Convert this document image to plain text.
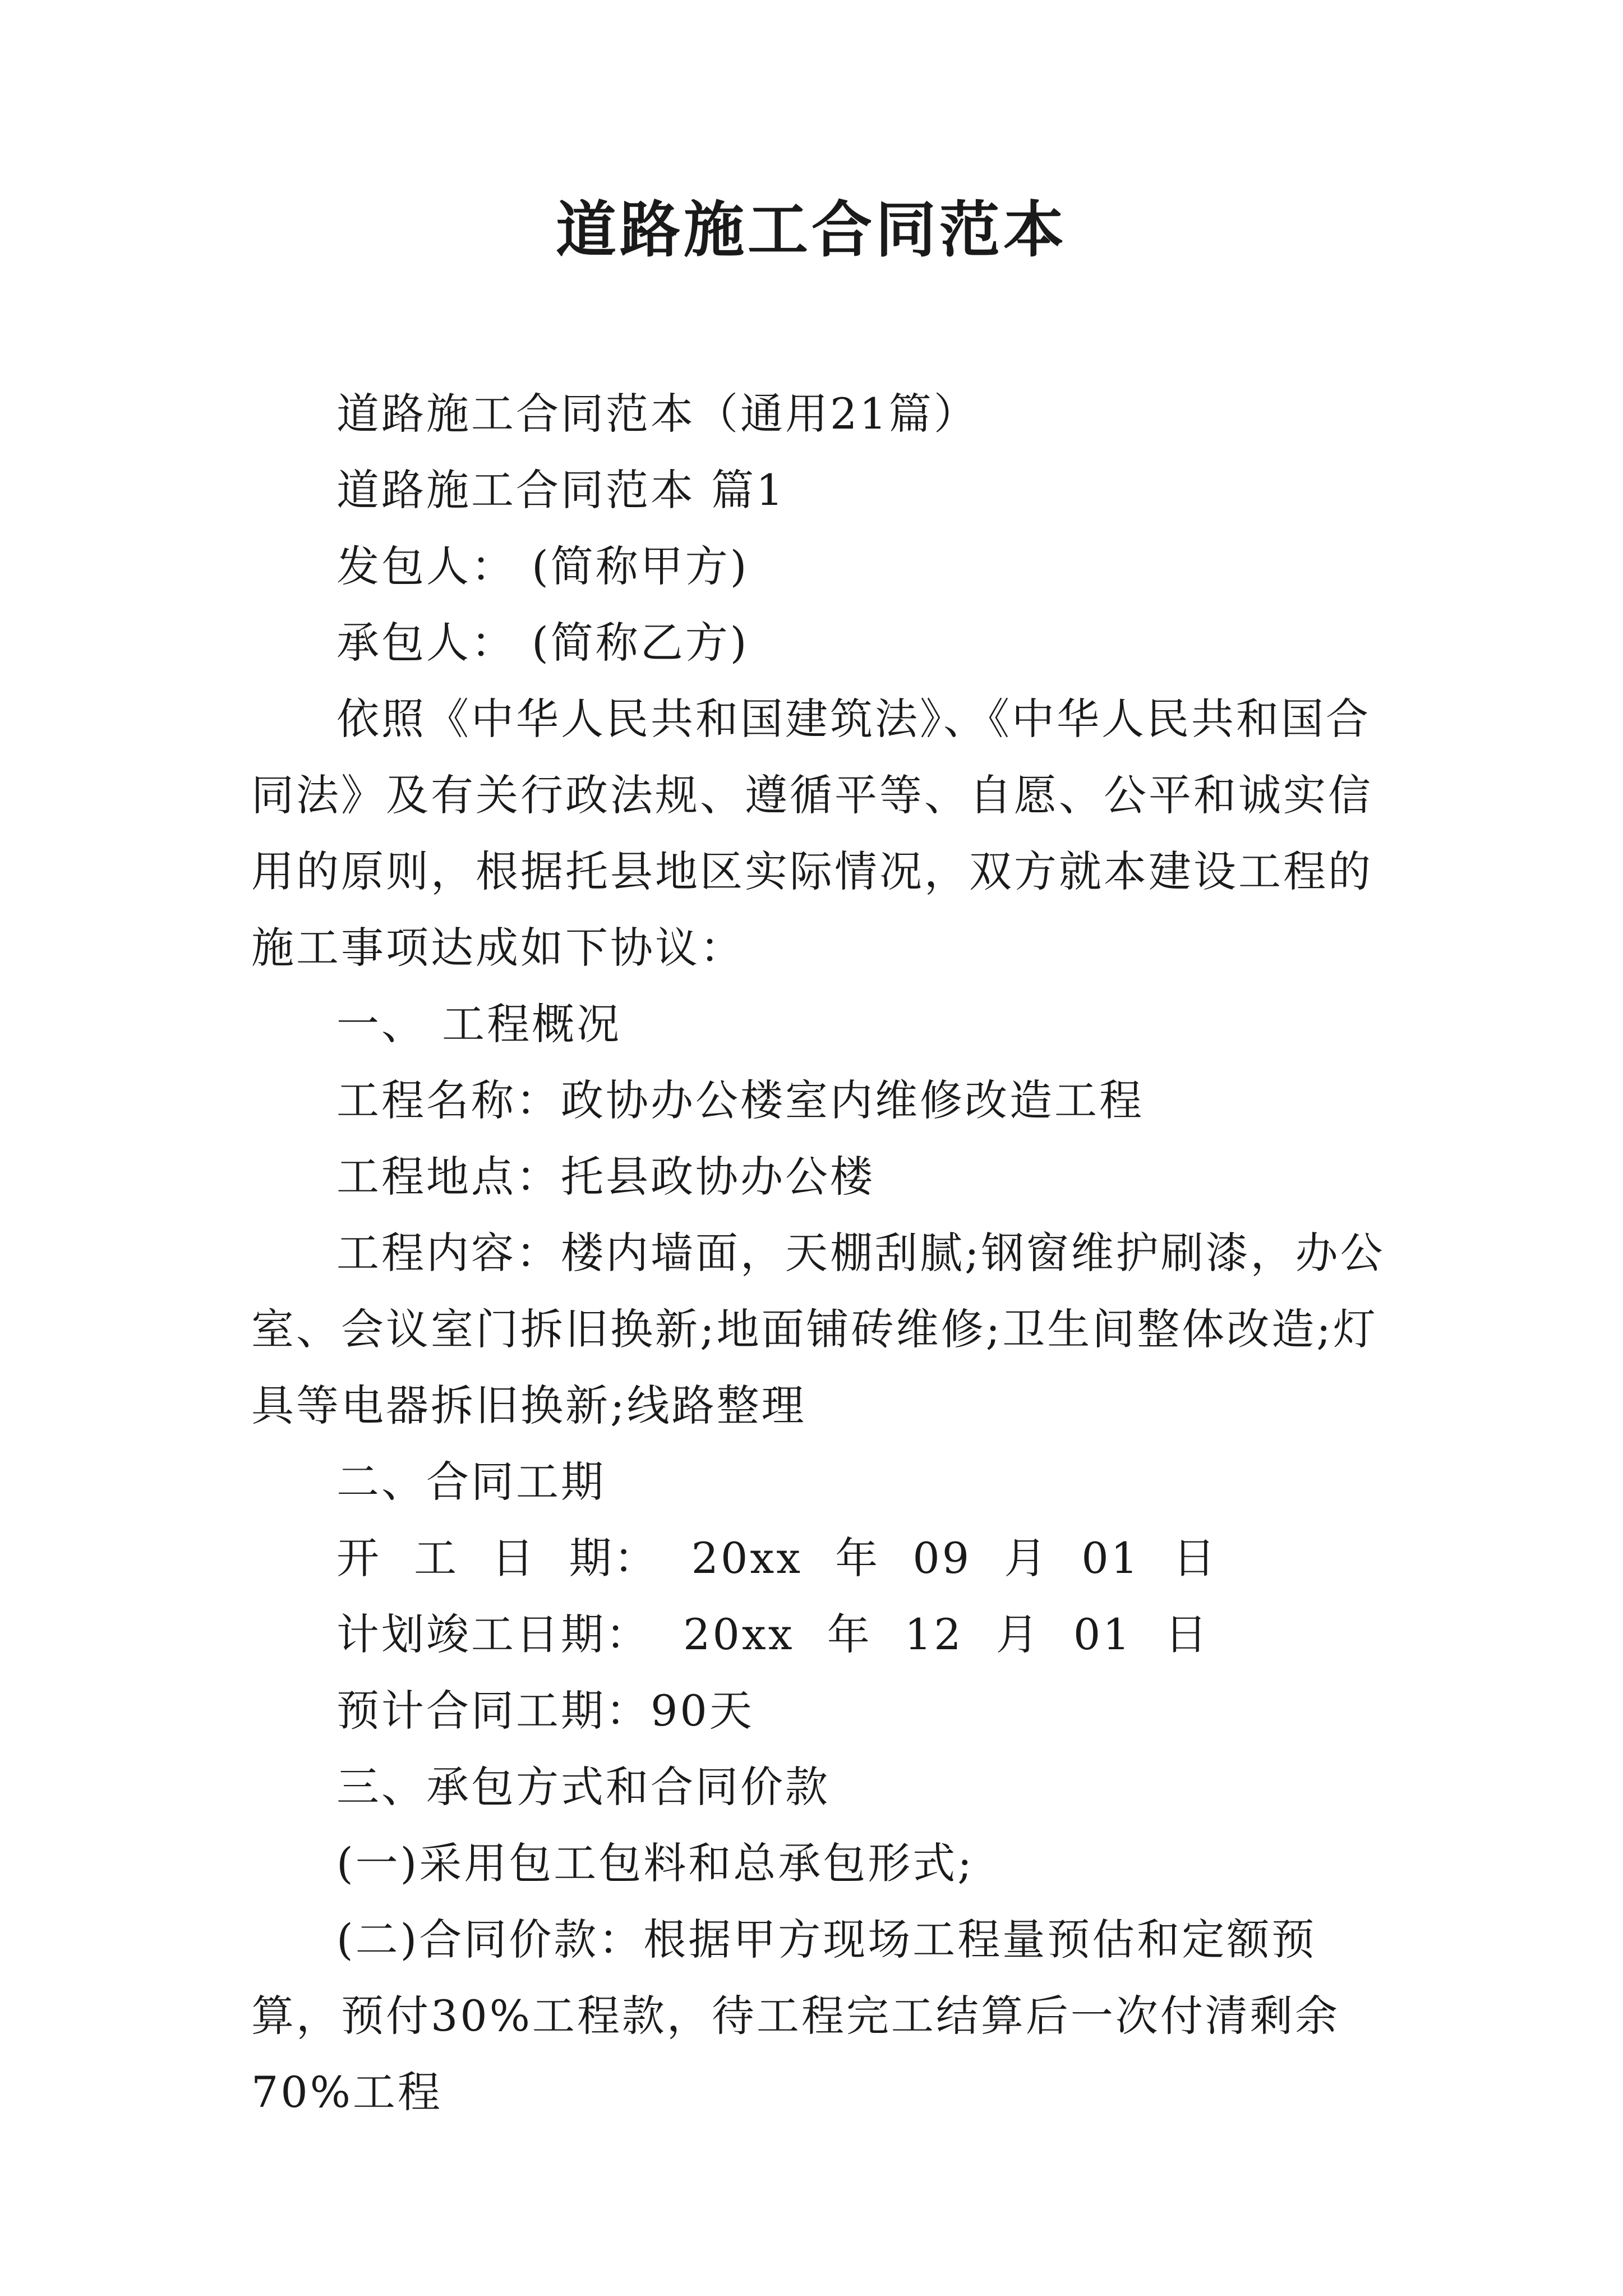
道路施工合同范本

道路施工合同范本（通用21篇）

道路施工合同范本 篇1

发包人： (简称甲方)

承包人： (简称乙方)

依照《中华人民共和国建筑法》、《中华人民共和国合同法》及有关行政法规、遵循平等、自愿、公平和诚实信用的原则，根据托县地区实际情况，双方就本建设工程的施工事项达成如下协议：

一、 工程概况

工程名称：政协办公楼室内维修改造工程

工程地点：托县政协办公楼

工程内容：楼内墙面，天棚刮腻;钢窗维护刷漆，办公室、会议室门拆旧换新;地面铺砖维修;卫生间整体改造;灯具等电器拆旧换新;线路整理

二、合同工期

开 工 日 期： 20xx 年 09 月 01 日

计划竣工日期： 20xx 年 12 月 01 日

预计合同工期：90天

三、承包方式和合同价款

(一)采用包工包料和总承包形式;

(二)合同价款：根据甲方现场工程量预估和定额预算，预付30%工程款，待工程完工结算后一次付清剩余70%工程
